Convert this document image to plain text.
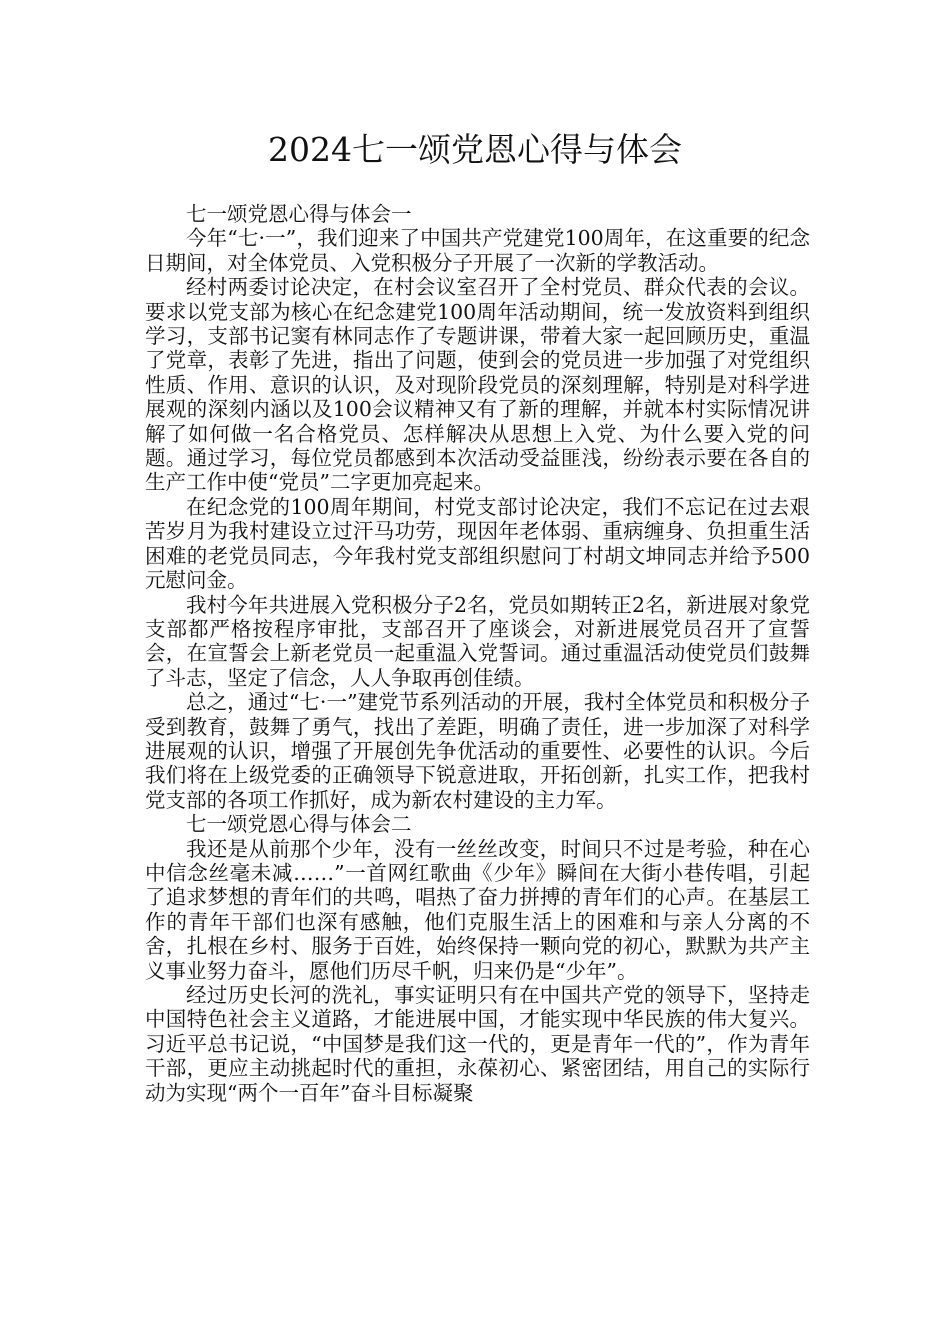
2024七一颂党恩心得与体会

七一颂党恩心得与体会一

今年“七·一”，我们迎来了中国共产党建党100周年，在这重要的纪念日期间，对全体党员、入党积极分子开展了一次新的学教活动。

经村两委讨论决定，在村会议室召开了全村党员、群众代表的会议。要求以党支部为核心在纪念建党100周年活动期间，统一发放资料到组织学习，支部书记窦有林同志作了专题讲课，带着大家一起回顾历史，重温了党章，表彰了先进，指出了问题，使到会的党员进一步加强了对党组织性质、作用、意识的认识，及对现阶段党员的深刻理解，特别是对科学进展观的深刻内涵以及100会议精神又有了新的理解，并就本村实际情况讲解了如何做一名合格党员、怎样解决从思想上入党、为什么要入党的问题。通过学习，每位党员都感到本次活动受益匪浅，纷纷表示要在各自的生产工作中使“党员”二字更加亮起来。

在纪念党的100周年期间，村党支部讨论决定，我们不忘记在过去艰苦岁月为我村建设立过汗马功劳，现因年老体弱、重病缠身、负担重生活困难的老党员同志，今年我村党支部组织慰问丁村胡文坤同志并给予500元慰问金。

我村今年共进展入党积极分子2名，党员如期转正2名，新进展对象党支部都严格按程序审批，支部召开了座谈会，对新进展党员召开了宣誓会，在宣誓会上新老党员一起重温入党誓词。通过重温活动使党员们鼓舞了斗志，坚定了信念，人人争取再创佳绩。

总之，通过“七·一”建党节系列活动的开展，我村全体党员和积极分子受到教育，鼓舞了勇气，找出了差距，明确了责任，进一步加深了对科学进展观的认识，增强了开展创先争优活动的重要性、必要性的认识。今后我们将在上级党委的正确领导下锐意进取，开拓创新，扎实工作，把我村党支部的各项工作抓好，成为新农村建设的主力军。

七一颂党恩心得与体会二

我还是从前那个少年，没有一丝丝改变，时间只不过是考验，种在心中信念丝毫未减……”一首网红歌曲《少年》瞬间在大街小巷传唱，引起了追求梦想的青年们的共鸣，唱热了奋力拼搏的青年们的心声。在基层工作的青年干部们也深有感触，他们克服生活上的困难和与亲人分离的不舍，扎根在乡村、服务于百姓，始终保持一颗向党的初心，默默为共产主义事业努力奋斗，愿他们历尽千帆，归来仍是“少年”。

经过历史长河的洗礼，事实证明只有在中国共产党的领导下，坚持走中国特色社会主义道路，才能进展中国，才能实现中华民族的伟大复兴。习近平总书记说，“中国梦是我们这一代的，更是青年一代的”，作为青年干部，更应主动挑起时代的重担，永葆初心、紧密团结，用自己的实际行动为实现“两个一百年”奋斗目标凝聚
